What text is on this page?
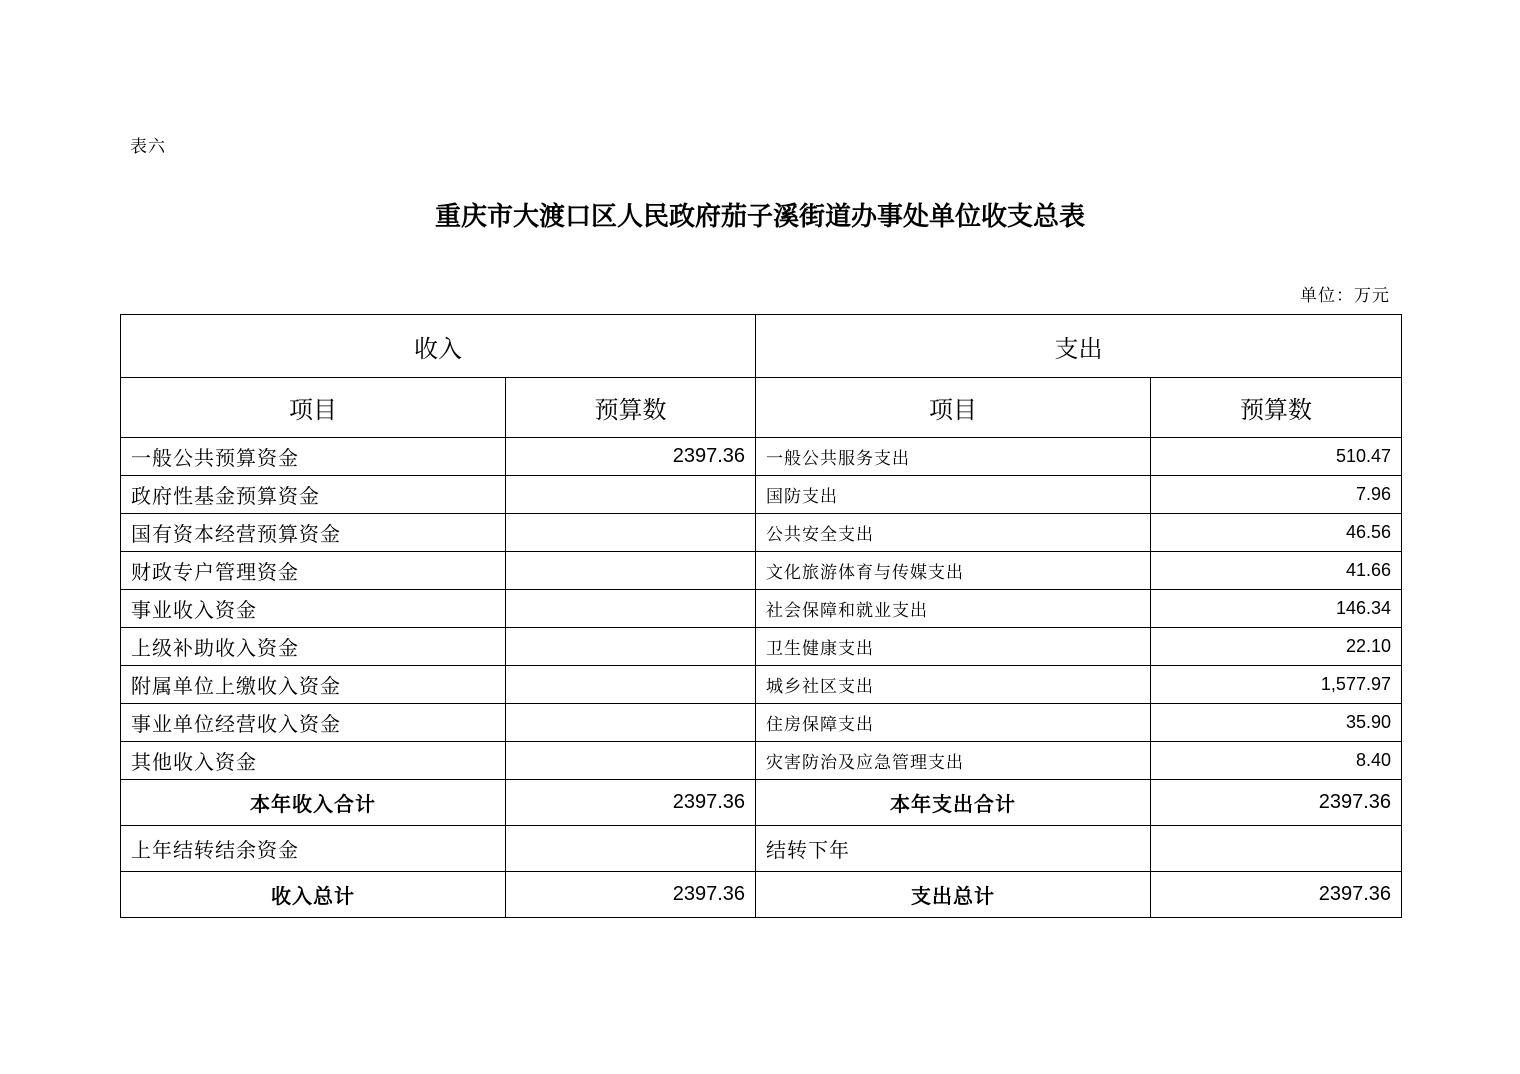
表六
重庆市大渡口区人民政府茄子溪街道办事处单位收支总表
单位：万元
收入		支出	
项目	预算数	项目	预算数
一般公共预算资金	2397.36	一般公共服务支出	510.47
政府性基金预算资金		国防支出	7.96
国有资本经营预算资金		公共安全支出	46.56
财政专户管理资金		文化旅游体育与传媒支出	41.66
事业收入资金		社会保障和就业支出	146.34
上级补助收入资金		卫生健康支出	22.10
附属单位上缴收入资金		城乡社区支出	1,577.97
事业单位经营收入资金		住房保障支出	35.90
其他收入资金		灾害防治及应急管理支出	8.40
本年收入合计	2397.36	本年支出合计	2397.36
上年结转结余资金		结转下年	
收入总计	2397.36	支出总计	2397.36
